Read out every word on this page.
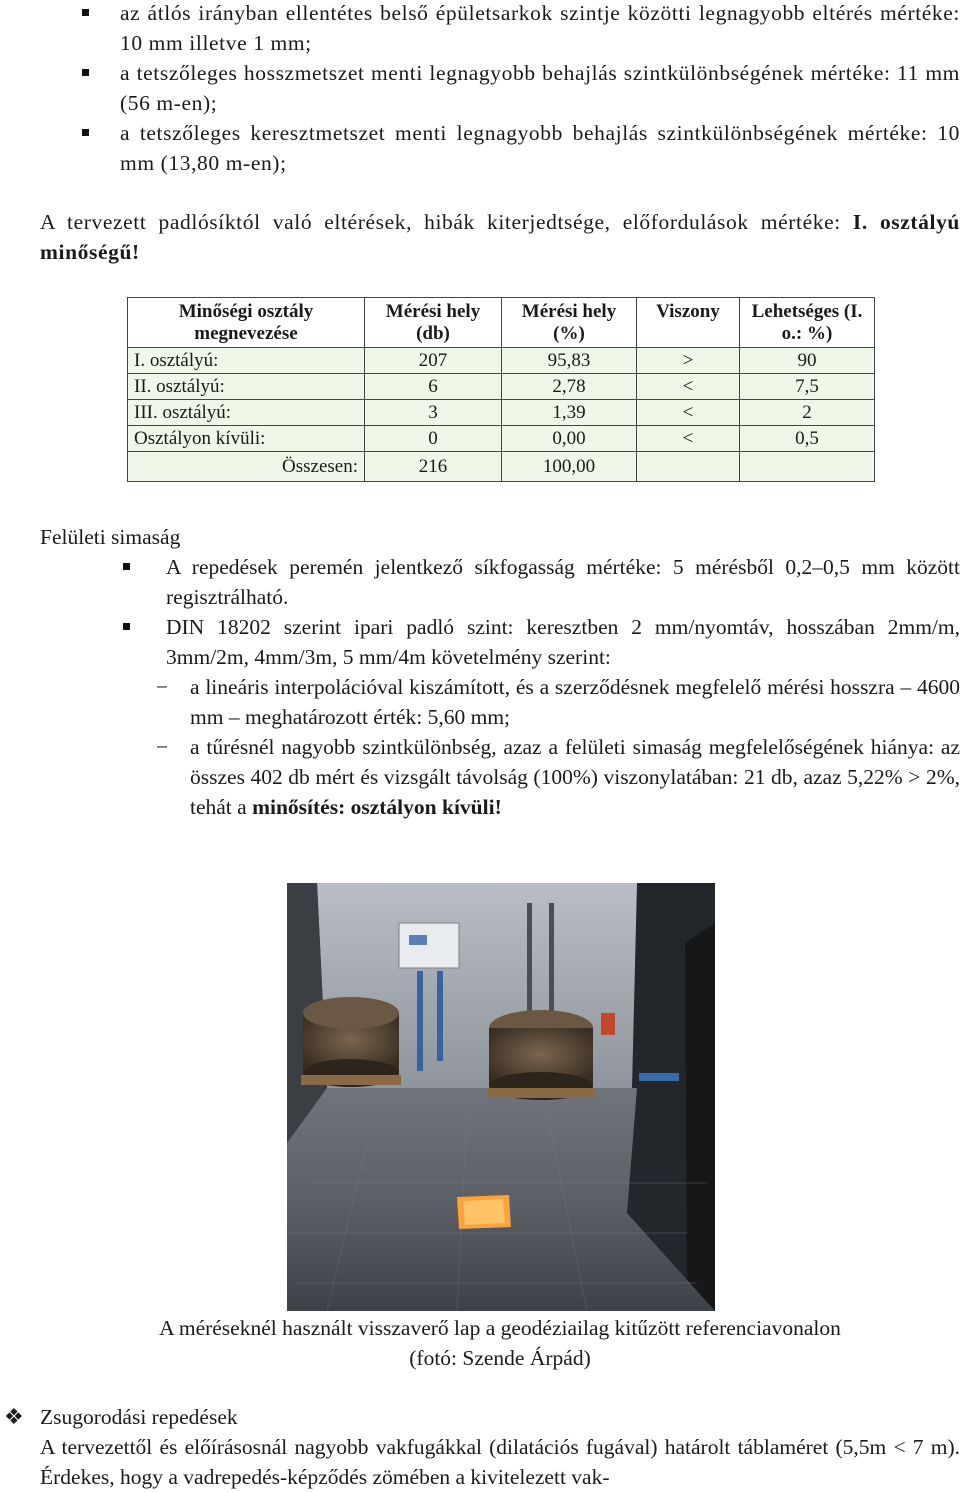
az átlós irányban ellentétes belső épületsarkok szintje közötti legnagyobb eltérés mértéke: 10 mm illetve 1 mm;
a tetszőleges hosszmetszet menti legnagyobb behajlás szintkülönbségének mértéke: 11 mm (56 m-en);
a tetszőleges keresztmetszet menti legnagyobb behajlás szintkülönbségének mértéke: 10 mm (13,80 m-en);

A tervezett padlósíktól való eltérések, hibák kiterjedtsége, előfordulások mértéke: I. osztályú minőségű!

Minőségi osztály megnevezése	Mérési hely (db)	Mérési hely (%)	Viszony	Lehetséges (I. o.: %)
I. osztályú:	207	95,83	>	90
II. osztályú:	6	2,78	<	7,5
III. osztályú:	3	1,39	<	2
Osztályon kívüli:	0	0,00	<	0,5
Összesen:	216	100,00		
Felületi simaság
A repedések peremén jelentkező síkfogasság mértéke: 5 mérésből 0,2–0,5 mm között regisztrálható.
DIN 18202 szerint ipari padló szint: keresztben 2 mm/nyomtáv, hosszában 2mm/m, 3mm/2m, 4mm/3m, 5 mm/4m követelmény szerint:
− a lineáris interpolációval kiszámított, és a szerződésnek megfelelő mérési hosszra – 4600 mm – meghatározott érték: 5,60 mm;
− a tűrésnél nagyobb szintkülönbség, azaz a felületi simaság megfelelőségének hiánya: az összes 402 db mért és vizsgált távolság (100%) viszonylatában: 21 db, azaz 5,22% > 2%, tehát a minősítés: osztályon kívüli!
A méréseknél használt visszaverő lap a geodéziailag kitűzött referenciavonalon
(fotó: Szende Árpád)
❖ Zsugorodási repedések

A tervezettől és előírásosnál nagyobb vakfugákkal (dilatációs fugával) határolt táblaméret (5,5m < 7 m). Érdekes, hogy a vadrepedés-képződés zömében a kivitelezett vak-
